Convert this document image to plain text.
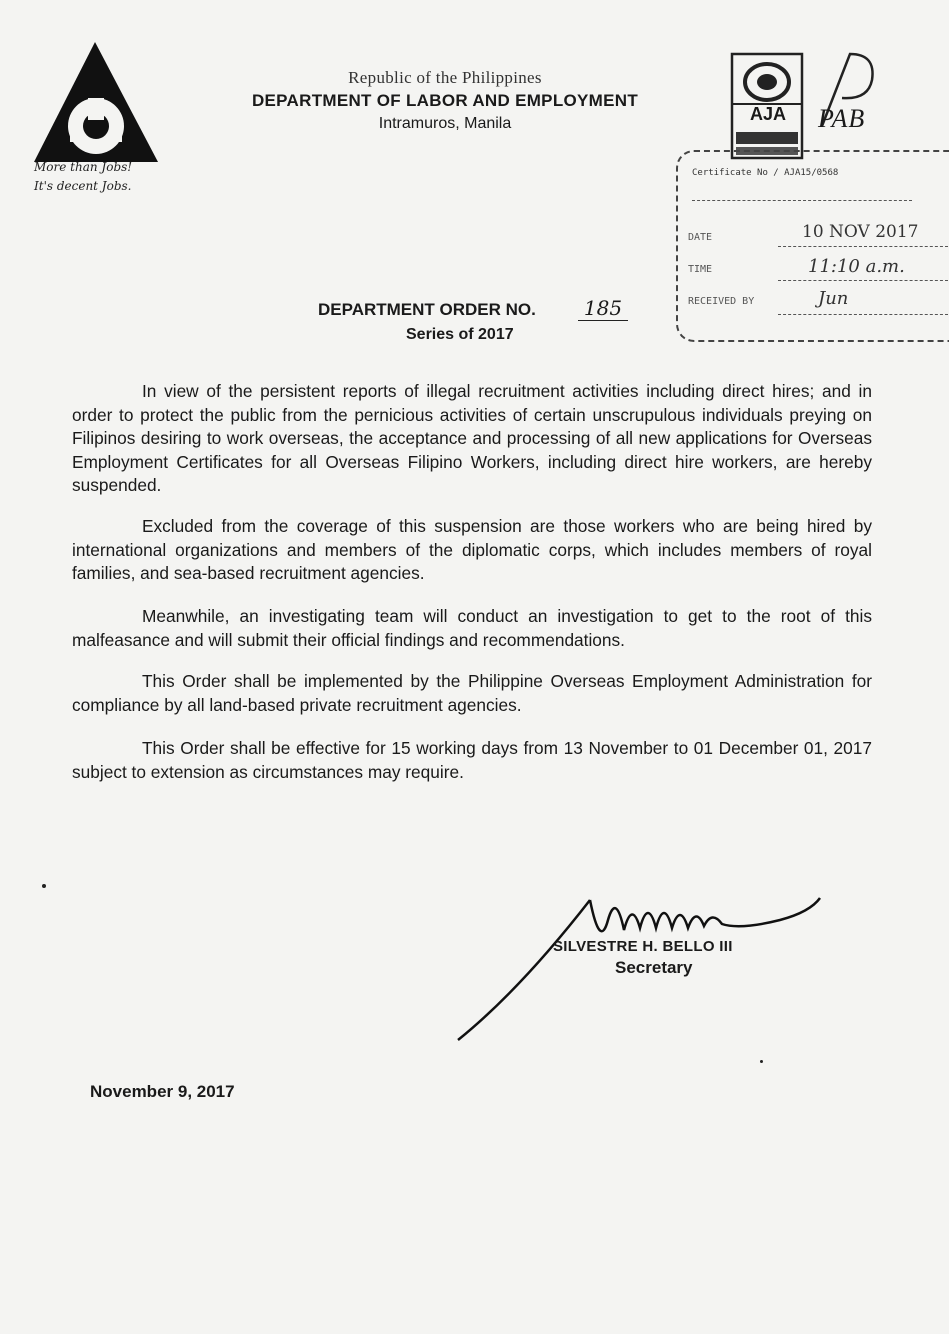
More than Jobs!
It's decent Jobs.
Republic of the Philippines
DEPARTMENT OF LABOR AND EMPLOYMENT
Intramuros, Manila	AJA	PAB
Certificate No / AJA15/0568
DATE	10 NOV 2017
TIME	11:10 a.m.
RECEIVED BY	Jun
DEPARTMENT ORDER NO. 185
Series of 2017
In view of the persistent reports of illegal recruitment activities including direct hires; and in order to protect the public from the pernicious activities of certain unscrupulous individuals preying on Filipinos desiring to work overseas, the acceptance and processing of all new applications for Overseas Employment Certificates for all Overseas Filipino Workers, including direct hire workers, are hereby suspended.
Excluded from the coverage of this suspension are those workers who are being hired by international organizations and members of the diplomatic corps, which includes members of royal families, and sea-based recruitment agencies.
Meanwhile, an investigating team will conduct an investigation to get to the root of this malfeasance and will submit their official findings and recommendations.
This Order shall be implemented by the Philippine Overseas Employment Administration for compliance by all land-based private recruitment agencies.
This Order shall be effective for 15 working days from 13 November to 01 December 01, 2017 subject to extension as circumstances may require.
SILVESTRE H. BELLO III
Secretary
November 9, 2017
